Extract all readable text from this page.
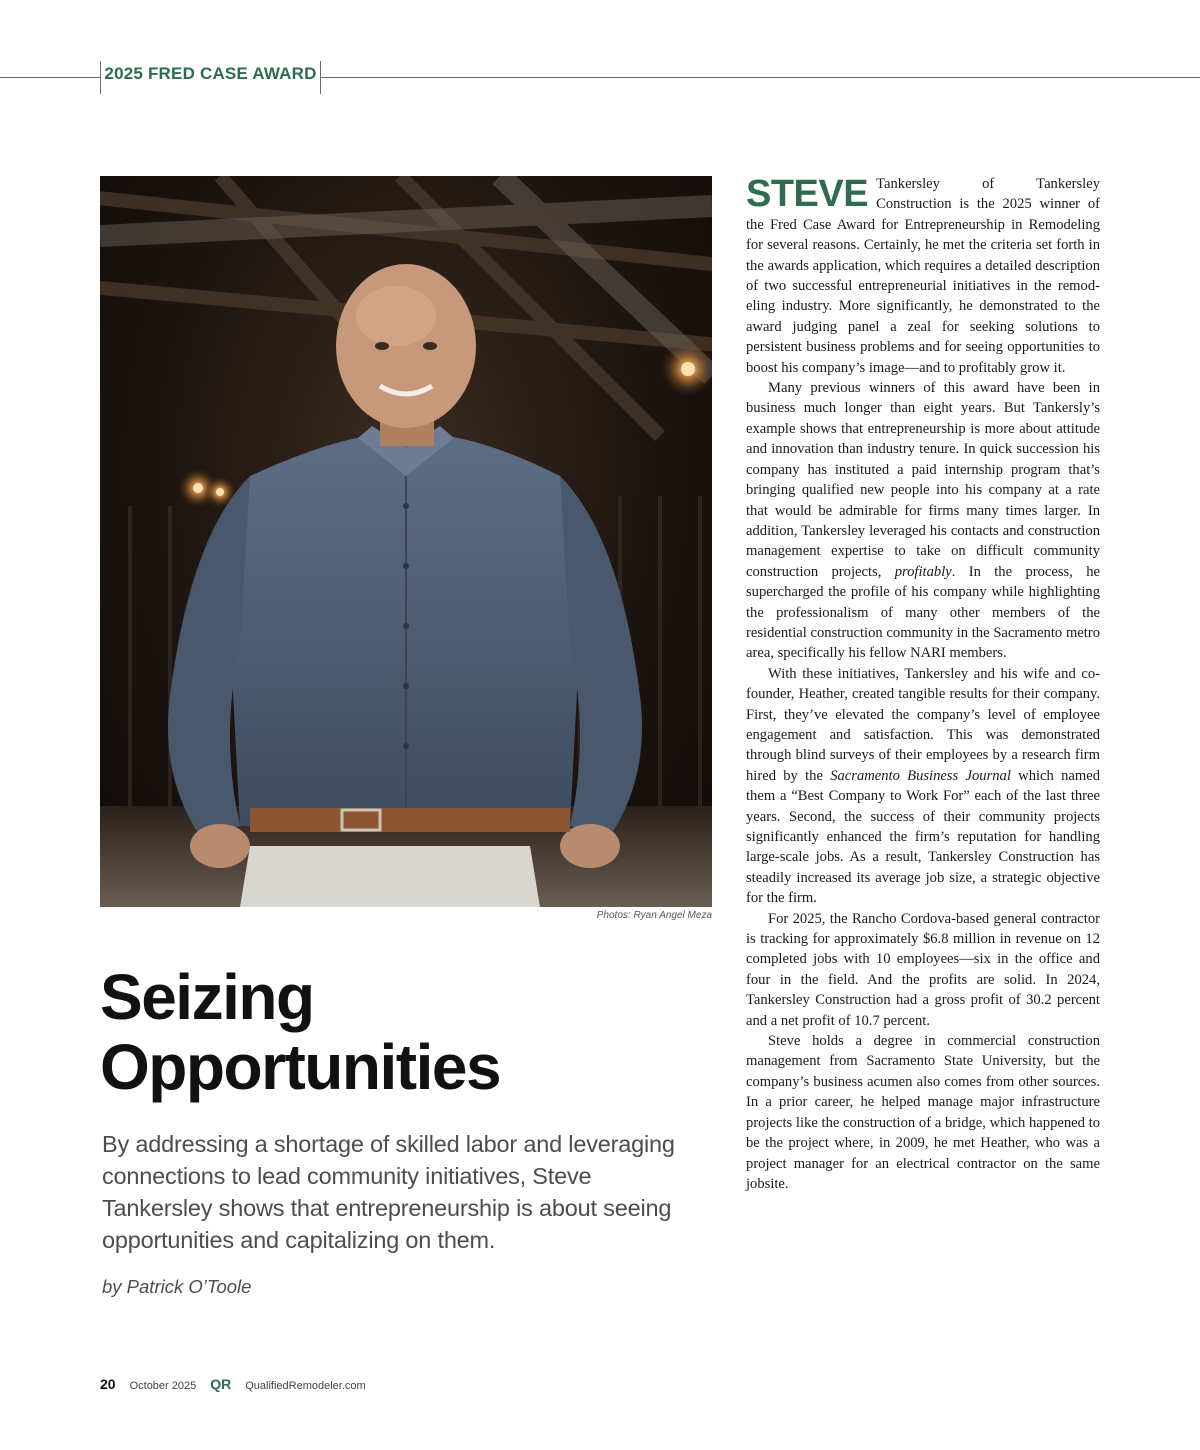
2025 FRED CASE AWARD
Photos: Ryan Angel Meza
Seizing
Opportunities
By addressing a shortage of skilled labor and leveraging connections to lead community initiatives, Steve Tankersley shows that entrepreneurship is about seeing opportunities and capitalizing on them.
by Patrick O’Toole

STEVE Tankersley of Tankersley Construction is the 2025 winner of the Fred Case Award for Entrepreneurship in Remodeling for several reasons. Certainly, he met the criteria set forth in the awards application, which requires a detailed description of two successful entrepreneurial initiatives in the remodeling industry. More significantly, he demonstrated to the award judging panel a zeal for seeking solutions to persistent business problems and for seeing opportunities to boost his company’s image—and to profitably grow it.

Many previous winners of this award have been in business much longer than eight years. But Tankersly’s example shows that entrepreneurship is more about attitude and innovation than industry tenure. In quick succession his company has instituted a paid internship program that’s bringing qualified new people into his company at a rate that would be admirable for firms many times larger. In addition, Tankersley leveraged his contacts and construction management expertise to take on difficult community construction projects, profitably. In the process, he supercharged the profile of his company while highlighting the professionalism of many other members of the residential construction community in the Sacramento metro area, specifically his fellow NARI members.

With these initiatives, Tankersley and his wife and co-founder, Heather, created tangible results for their company. First, they’ve elevated the company’s level of employee engagement and satisfaction. This was demonstrated through blind surveys of their employees by a research firm hired by the Sacramento Business Journal which named them a “Best Company to Work For” each of the last three years. Second, the success of their community projects significantly enhanced the firm’s reputation for handling large-scale jobs. As a result, Tankersley Construction has steadily increased its average job size, a strategic objective for the firm.

For 2025, the Rancho Cordova-based general contractor is tracking for approximately $6.8 million in revenue on 12 completed jobs with 10 employees—six in the office and four in the field. And the profits are solid. In 2024, Tankersley Construction had a gross profit of 30.2 percent and a net profit of 10.7 percent.

Steve holds a degree in commercial construction management from Sacramento State University, but the company’s business acumen also comes from other sources. In a prior career, he helped manage major infrastructure projects like the construction of a bridge, which happened to be the project where, in 2009, he met Heather, who was a project manager for an electrical contractor on the same jobsite.

20 October 2025 QR QualifiedRemodeler.com
